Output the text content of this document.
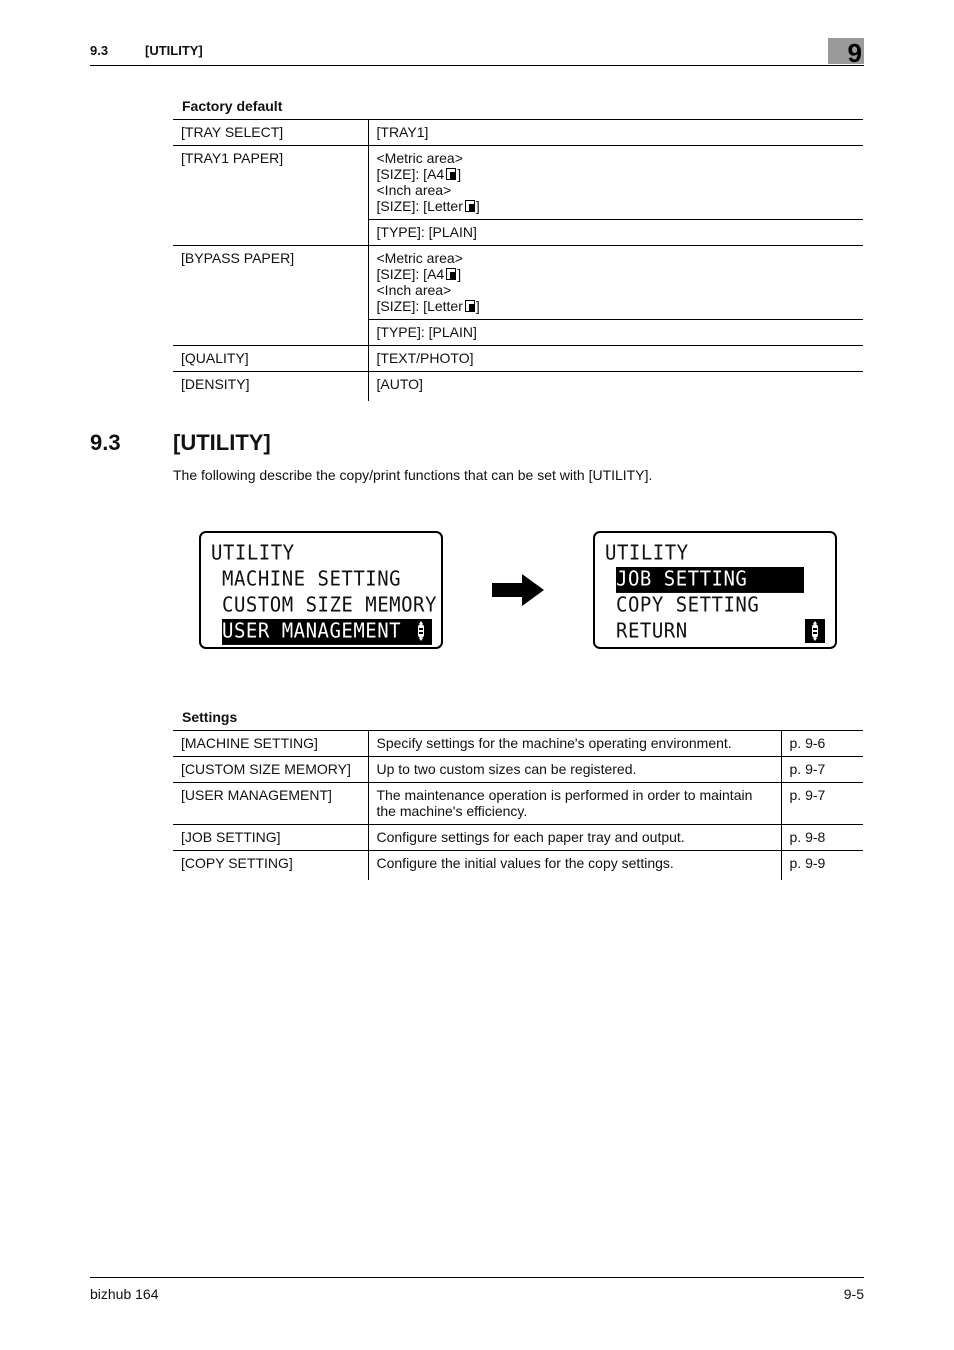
9.3	[UTILITY]	9
Factory default
[TRAY SELECT]	[TRAY1]
[TRAY1 PAPER]	<Metric area>
[SIZE]: [A4 ]
<Inch area>
[SIZE]: [Letter ]

	[TYPE]: [PLAIN]
[BYPASS PAPER]	<Metric area>
[SIZE]: [A4 ]
<Inch area>
[SIZE]: [Letter ]

	[TYPE]: [PLAIN]
[QUALITY]	[TEXT/PHOTO]
[DENSITY]	[AUTO]
9.3 [UTILITY]
The following describe the copy/print functions that can be set with [UTILITY].
UTILITY
MACHINE SETTING
CUSTOM SIZE MEMORY
USER MANAGEMENT
UTILITY
JOB SETTING
COPY SETTING
RETURN
Settings
[MACHINE SETTING]	Specify settings for the machine's operating environment.	p. 9-6
[CUSTOM SIZE MEMORY]	Up to two custom sizes can be registered.	p. 9-7
[USER MANAGEMENT]	The maintenance operation is performed in order to maintain the machine's efficiency.	p. 9-7
[JOB SETTING]	Configure settings for each paper tray and output.	p. 9-8
[COPY SETTING]	Configure the initial values for the copy settings.	p. 9-9
bizhub 164	9-5
